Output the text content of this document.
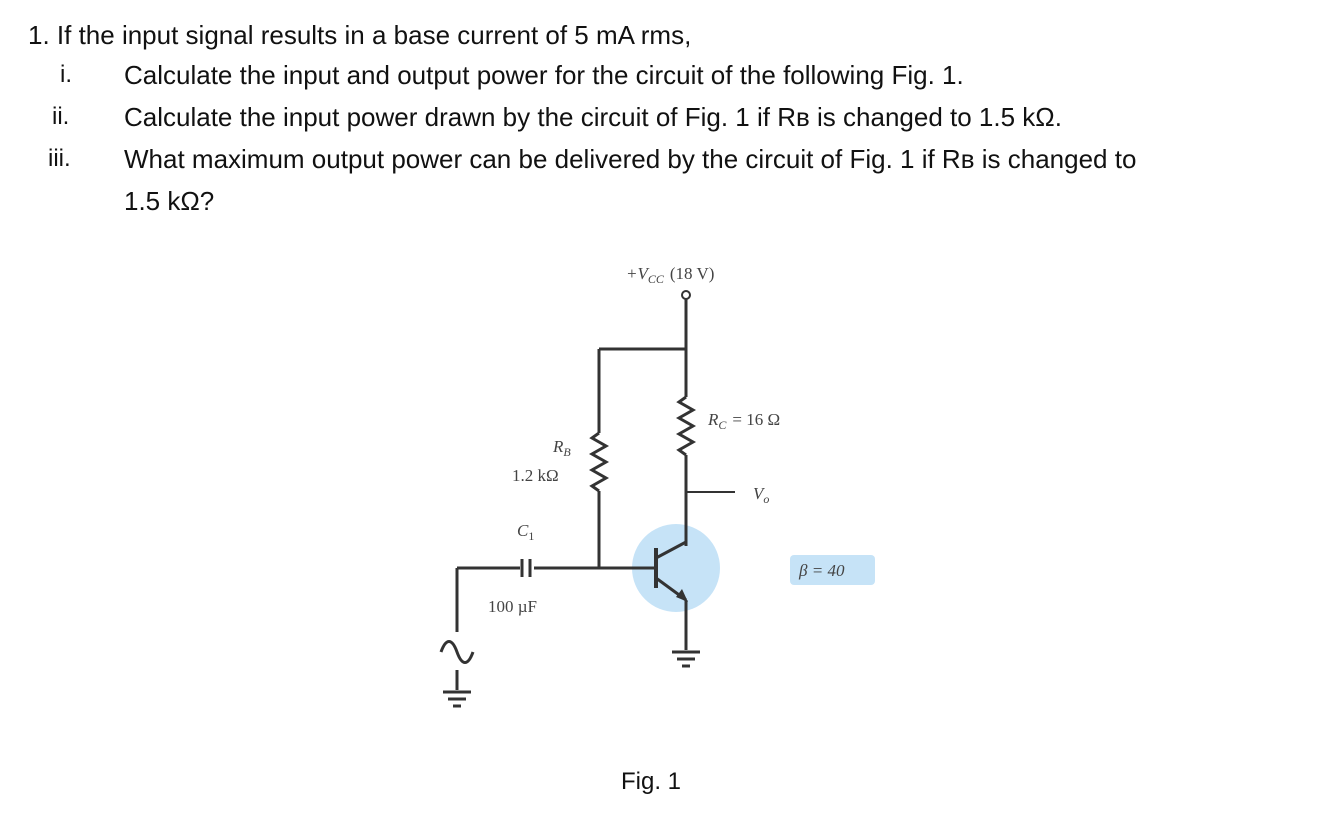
1. If the input signal results in a base current of 5 mA rms,
i. Calculate the input and output power for the circuit of the following Fig. 1.
ii. Calculate the input power drawn by the circuit of Fig. 1 if Rʙ is changed to 1.5 kΩ.
iii. What maximum output power can be delivered by the circuit of Fig. 1 if Rʙ is changed to
1.5 kΩ?
$+V_{CC}$ (18 V)
$R_C = 16$ Ω
$R_B$
1.2 kΩ
$C_1$
100 µF
$V_o$
β = 40
Fig. 1
